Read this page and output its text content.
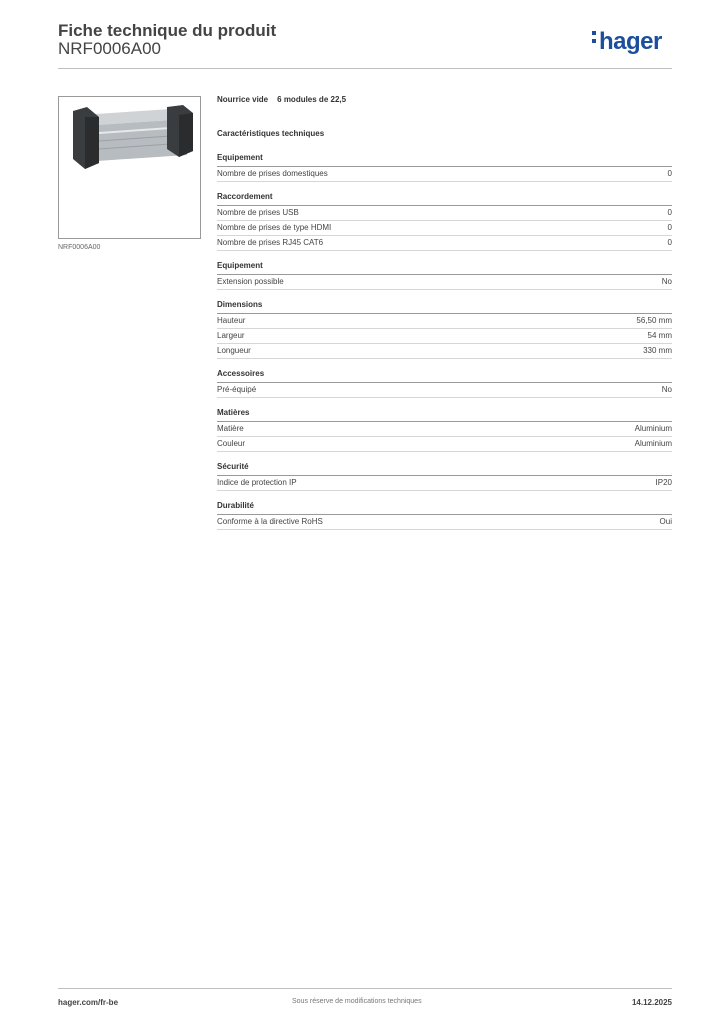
Fiche technique du produit
NRF0006A00	hager
NRF0006A00
Nourrice vide 6 modules de 22,5
Caractéristiques techniques
Equipement
Nombre de prises domestiques	0
Raccordement
Nombre de prises USB	0
Nombre de prises de type HDMI	0
Nombre de prises RJ45 CAT6	0
Equipement
Extension possible	No
Dimensions
Hauteur	56,50 mm
Largeur	54 mm
Longueur	330 mm
Accessoires
Pré-équipé	No
Matières
Matière	Aluminium
Couleur	Aluminium
Sécurité
Indice de protection IP	IP20
Durabilité
Conforme à la directive RoHS	Oui
hager.com/fr-be	Sous réserve de modifications techniques	14.12.2025
